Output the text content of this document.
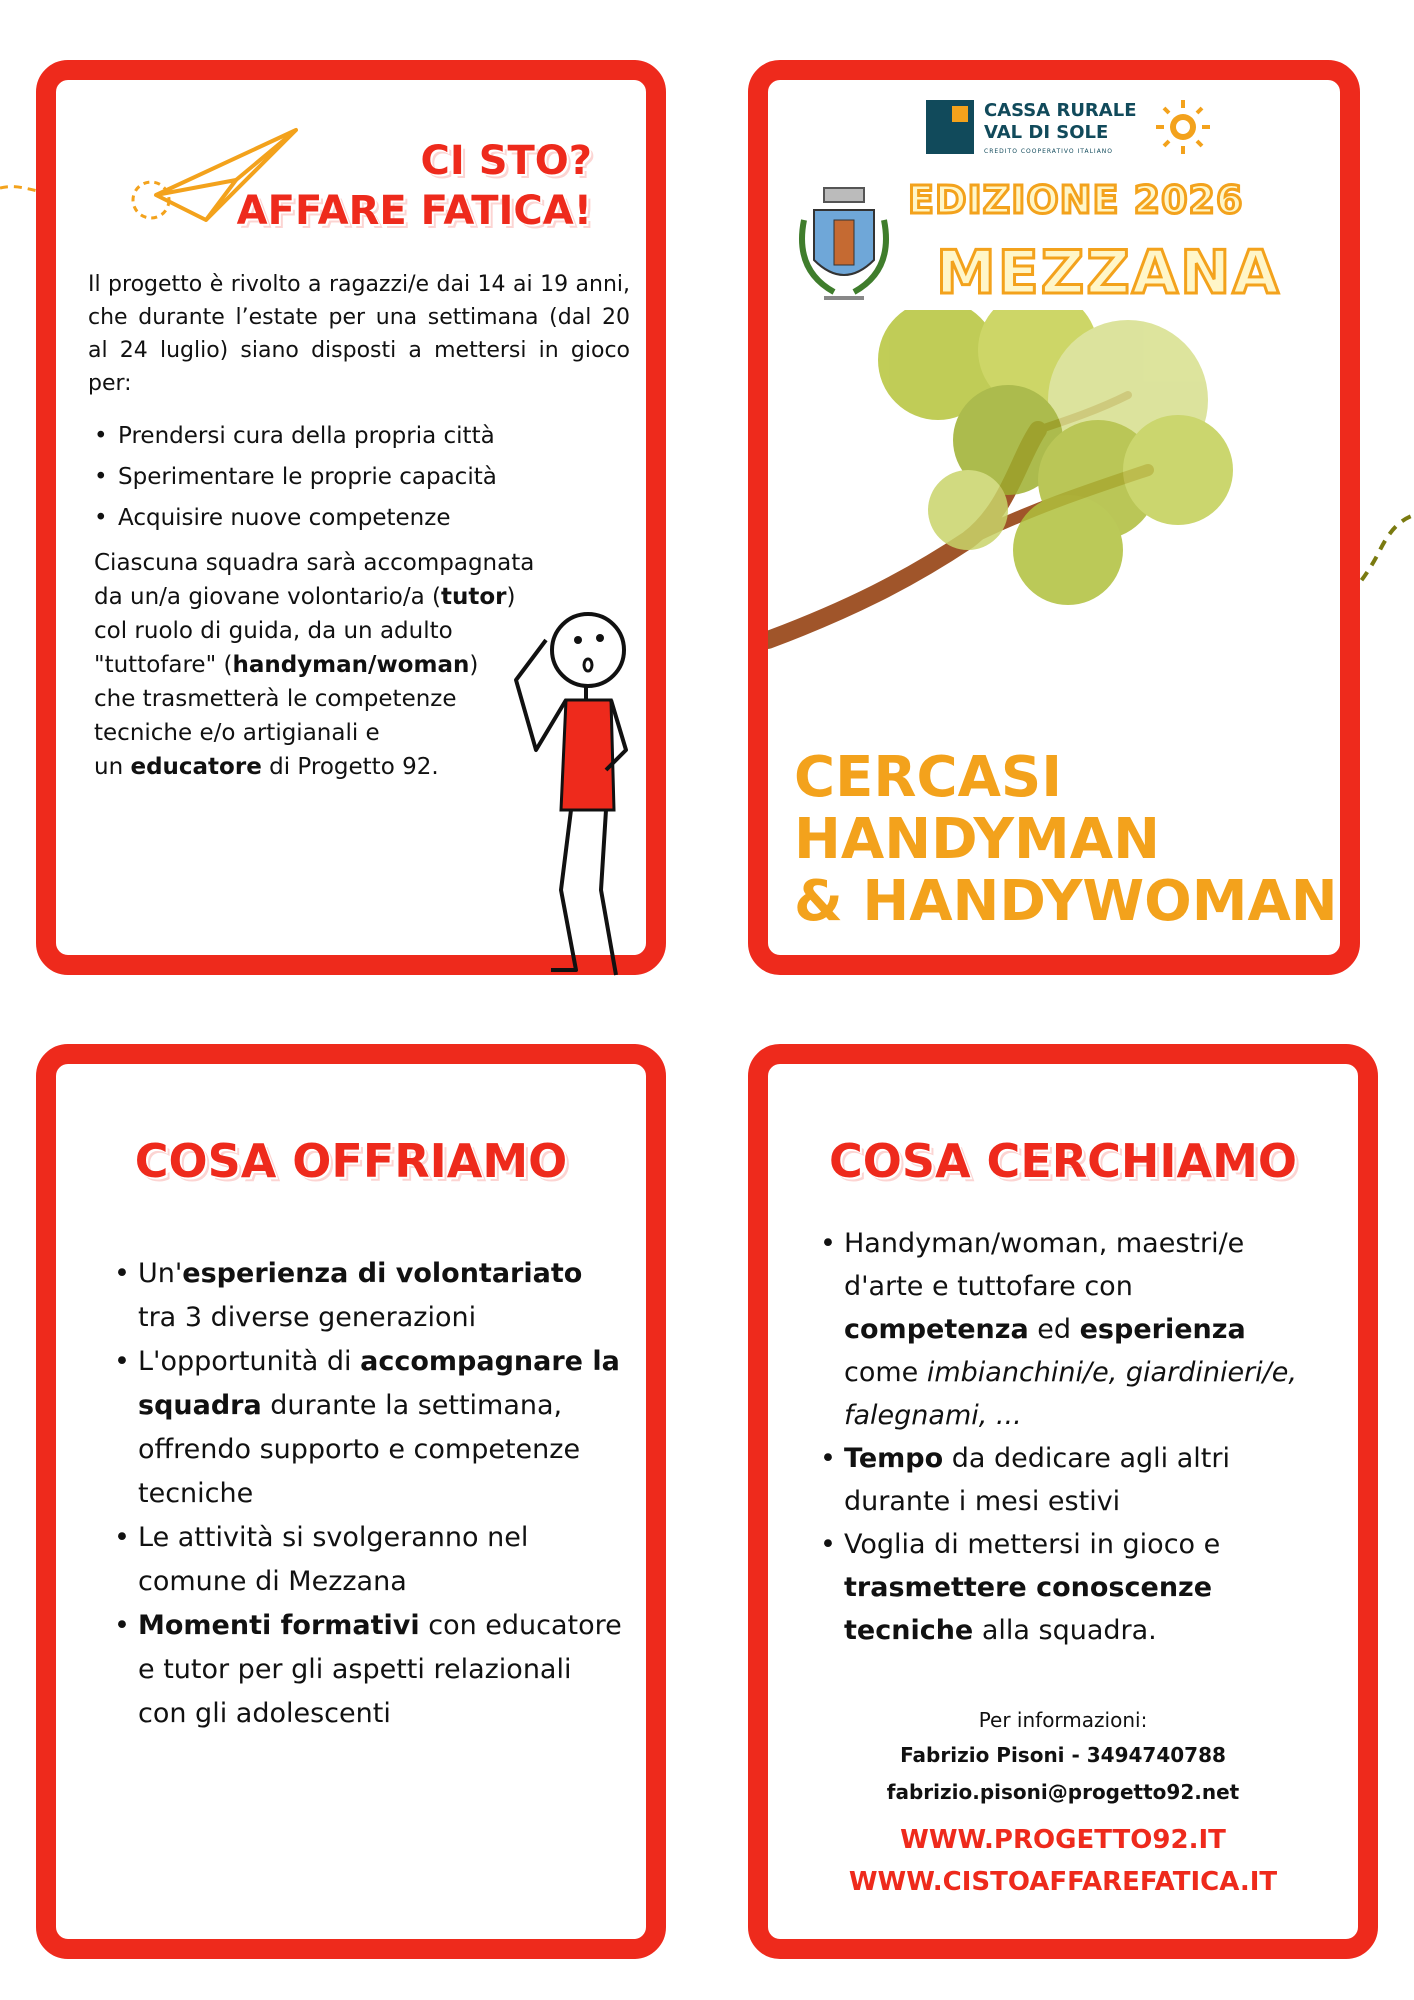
CI STO?
AFFARE FATICA!
Il progetto è rivolto a ragazzi/e dai 14 ai 19 anni, che durante l’estate per una settimana (dal 20 al 24 luglio) siano disposti a mettersi in gioco per:
• Prendersi cura della propria città
• Sperimentare le proprie capacità
• Acquisire nuove competenze
Ciascuna squadra sarà accompagnata
da un/a giovane volontario/a (tutor)
col ruolo di guida, da un adulto
"tuttofare" (handyman/woman)
che trasmetterà le competenze
tecniche e/o artigianali e
un educatore di Progetto 92.
CASSA RURALE
VAL DI SOLE
CREDITO COOPERATIVO ITALIANO
EDIZIONE 2026
MEZZANA
CERCASI
HANDYMAN
& HANDYWOMAN
COSA OFFRIAMO
• Un'esperienza di volontariato tra 3 diverse generazioni
• L'opportunità di accompagnare la squadra durante la settimana, offrendo supporto e competenze tecniche
• Le attività si svolgeranno nel comune di Mezzana
• Momenti formativi con educatore e tutor per gli aspetti relazionali con gli adolescenti
COSA CERCHIAMO
• Handyman/woman, maestri/e d'arte e tuttofare con competenza ed esperienza come imbianchini/e, giardinieri/e, falegnami, ...
• Tempo da dedicare agli altri durante i mesi estivi
• Voglia di mettersi in gioco e trasmettere conoscenze tecniche alla squadra.
Per informazioni:
Fabrizio Pisoni - 3494740788
fabrizio.pisoni@progetto92.net
WWW.PROGETTO92.IT
WWW.CISTOAFFAREFATICA.IT
